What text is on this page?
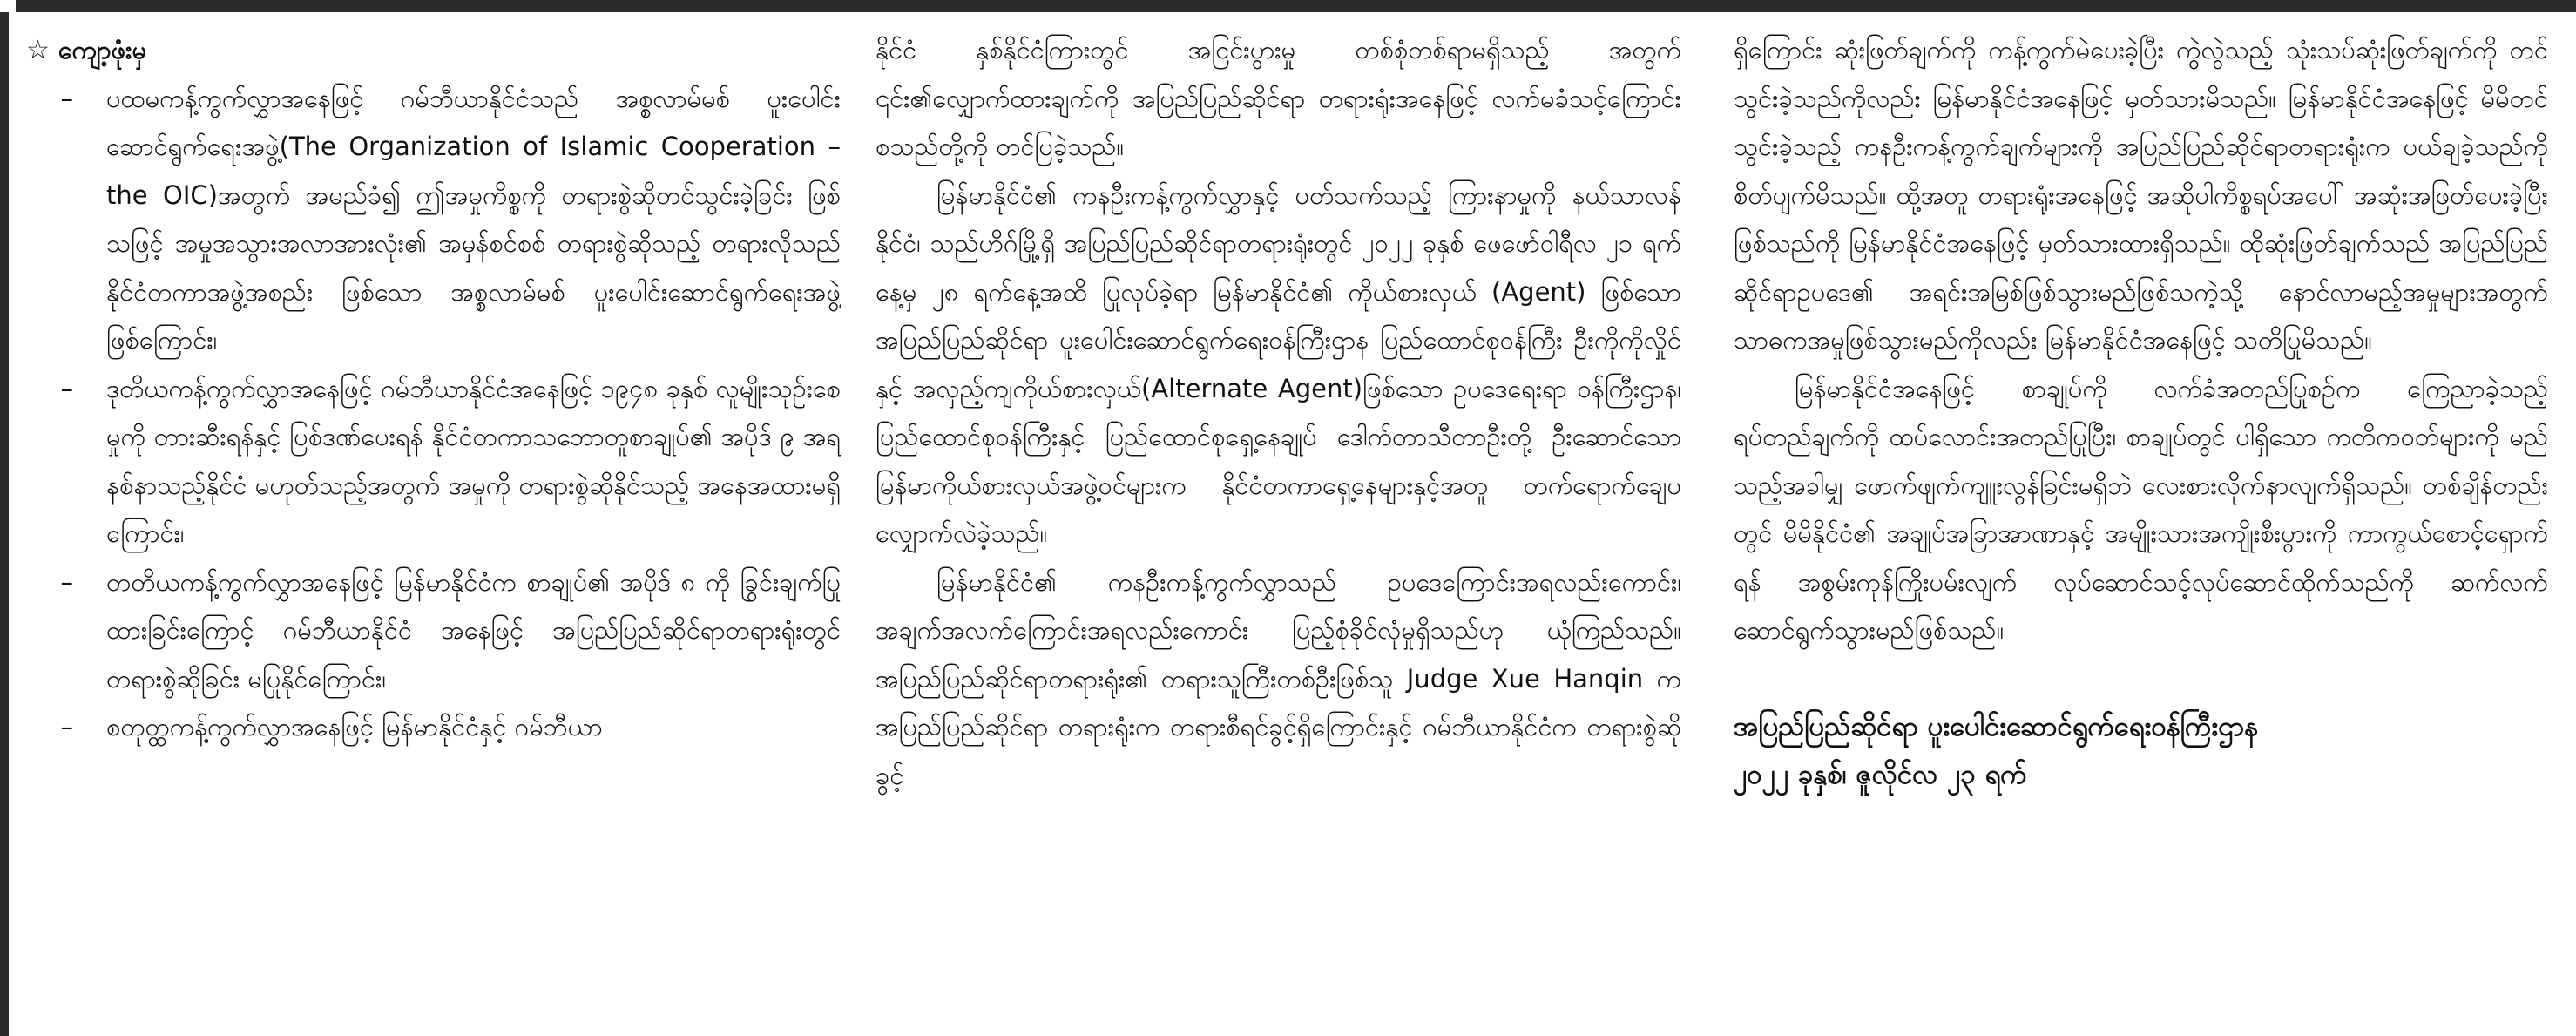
☆ ကျော့ဖုံးမှ

–	ပထမကန့်ကွက်လွှာအနေဖြင့် ဂမ်ဘီယာနိုင်ငံသည် အစ္စလာမ်မစ် ပူးပေါင်းဆောင်ရွက်ရေးအဖွဲ့(The Organization of Islamic Cooperation – the OIC)အတွက် အမည်ခံ၍ ဤအမှုကိစ္စကို တရားစွဲဆိုတင်သွင်းခဲ့ခြင်း ဖြစ်သဖြင့် အမှုအသွားအလာအားလုံး၏ အမှန်စင်စစ် တရားစွဲဆိုသည့် တရားလိုသည် နိုင်ငံတကာအဖွဲ့အစည်း ဖြစ်သော အစ္စလာမ်မစ် ပူးပေါင်းဆောင်ရွက်ရေးအဖွဲ့ ဖြစ်ကြောင်း၊

–	ဒုတိယကန့်ကွက်လွှာအနေဖြင့် ဂမ်ဘီယာနိုင်ငံအနေဖြင့် ၁၉၄၈ ခုနှစ် လူမျိုးသုဉ်းစေမှုကို တားဆီးရန်နှင့် ပြစ်ဒဏ်ပေးရန် နိုင်ငံတကာသဘောတူစာချုပ်၏ အပိုဒ် ၉ အရ နစ်နာသည့်နိုင်ငံ မဟုတ်သည့်အတွက် အမှုကို တရားစွဲဆိုနိုင်သည့် အနေအထားမရှိကြောင်း၊

–	တတိယကန့်ကွက်လွှာအနေဖြင့် မြန်မာနိုင်ငံက စာချုပ်၏ အပိုဒ် ၈ ကို ခြွင်းချက်ပြုထားခြင်းကြောင့် ဂမ်ဘီယာနိုင်ငံ အနေဖြင့် အပြည်ပြည်ဆိုင်ရာတရားရုံးတွင် တရားစွဲဆိုခြင်း မပြုနိုင်ကြောင်း၊

–	စတုတ္ထကန့်ကွက်လွှာအနေဖြင့် မြန်မာနိုင်ငံနှင့် ဂမ်ဘီယာ

နိုင်ငံ နှစ်နိုင်ငံကြားတွင် အငြင်းပွားမှု တစ်စုံတစ်ရာမရှိသည့် အတွက် ၎င်း၏လျှောက်ထားချက်ကို အပြည်ပြည်ဆိုင်ရာ တရားရုံးအနေဖြင့် လက်မခံသင့်ကြောင်း စသည်တို့ကို တင်ပြခဲ့သည်။

မြန်မာနိုင်ငံ၏ ကနဦးကန့်ကွက်လွှာနှင့် ပတ်သက်သည့် ကြားနာမှုကို နယ်သာလန်နိုင်ငံ၊ သည်ဟိဂ်မြို့ရှိ အပြည်ပြည်ဆိုင်ရာတရားရုံးတွင် ၂၀၂၂ ခုနှစ် ဖေဖော်ဝါရီလ ၂၁ ရက်နေ့မှ ၂၈ ရက်နေ့အထိ ပြုလုပ်ခဲ့ရာ မြန်မာနိုင်ငံ၏ ကိုယ်စားလှယ် (Agent) ဖြစ်သော အပြည်ပြည်ဆိုင်ရာ ပူးပေါင်းဆောင်ရွက်ရေးဝန်ကြီးဌာန ပြည်ထောင်စုဝန်ကြီး ဦးကိုကိုလှိုင်နှင့် အလှည့်ကျကိုယ်စားလှယ်(Alternate Agent)ဖြစ်သော ဥပဒေရေးရာ ဝန်ကြီးဌာန၊ ပြည်ထောင်စုဝန်ကြီးနှင့် ပြည်ထောင်စုရှေ့နေချုပ် ဒေါက်တာသီတာဦးတို့ ဦးဆောင်သော မြန်မာကိုယ်စားလှယ်အဖွဲ့ဝင်များက နိုင်ငံတကာရှေ့နေများနှင့်အတူ တက်ရောက်ချေပ လျှောက်လဲခဲ့သည်။

မြန်မာနိုင်ငံ၏ ကနဦးကန့်ကွက်လွှာသည် ဥပဒေကြောင်းအရလည်းကောင်း၊ အချက်အလက်ကြောင်းအရလည်းကောင်း ပြည့်စုံခိုင်လုံမှုရှိသည်ဟု ယုံကြည်သည်။ အပြည်ပြည်ဆိုင်ရာတရားရုံး၏ တရားသူကြီးတစ်ဦးဖြစ်သူ Judge Xue Hanqin က အပြည်ပြည်ဆိုင်ရာ တရားရုံးက တရားစီရင်ခွင့်ရှိကြောင်းနှင့် ဂမ်ဘီယာနိုင်ငံက တရားစွဲဆိုခွင့်

ရှိကြောင်း ဆုံးဖြတ်ချက်ကို ကန့်ကွက်မဲပေးခဲ့ပြီး ကွဲလွဲသည့် သုံးသပ်ဆုံးဖြတ်ချက်ကို တင်သွင်းခဲ့သည်ကိုလည်း မြန်မာနိုင်ငံအနေဖြင့် မှတ်သားမိသည်။ မြန်မာနိုင်ငံအနေဖြင့် မိမိတင်သွင်းခဲ့သည့် ကနဦးကန့်ကွက်ချက်များကို အပြည်ပြည်ဆိုင်ရာတရားရုံးက ပယ်ချခဲ့သည်ကို စိတ်ပျက်မိသည်။ ထို့အတူ တရားရုံးအနေဖြင့် အဆိုပါကိစ္စရပ်အပေါ် အဆုံးအဖြတ်ပေးခဲ့ပြီး ဖြစ်သည်ကို မြန်မာနိုင်ငံအနေဖြင့် မှတ်သားထားရှိသည်။ ထိုဆုံးဖြတ်ချက်သည် အပြည်ပြည်ဆိုင်ရာဥပဒေ၏ အရင်းအမြစ်ဖြစ်သွားမည်ဖြစ်သကဲ့သို့ နောင်လာမည့်အမှုများအတွက် သာဓကအမှုဖြစ်သွားမည်ကိုလည်း မြန်မာနိုင်ငံအနေဖြင့် သတိပြုမိသည်။

မြန်မာနိုင်ငံအနေဖြင့် စာချုပ်ကို လက်ခံအတည်ပြုစဉ်က ကြေညာခဲ့သည့် ရပ်တည်ချက်ကို ထပ်လောင်းအတည်ပြုပြီး၊ စာချုပ်တွင် ပါရှိသော ကတိကဝတ်များကို မည်သည့်အခါမျှ ဖောက်ဖျက်ကျူးလွန်ခြင်းမရှိဘဲ လေးစားလိုက်နာလျက်ရှိသည်။ တစ်ချိန်တည်းတွင် မိမိနိုင်ငံ၏ အချုပ်အခြာအာဏာနှင့် အမျိုးသားအကျိုးစီးပွားကို ကာကွယ်စောင့်ရှောက်ရန် အစွမ်းကုန်ကြိုးပမ်းလျက် လုပ်ဆောင်သင့်လုပ်ဆောင်ထိုက်သည်ကို ဆက်လက်ဆောင်ရွက်သွားမည်ဖြစ်သည်။

အပြည်ပြည်ဆိုင်ရာ ပူးပေါင်းဆောင်ရွက်ရေးဝန်ကြီးဌာန
၂၀၂၂ ခုနှစ်၊ ဇူလိုင်လ ၂၃ ရက်
